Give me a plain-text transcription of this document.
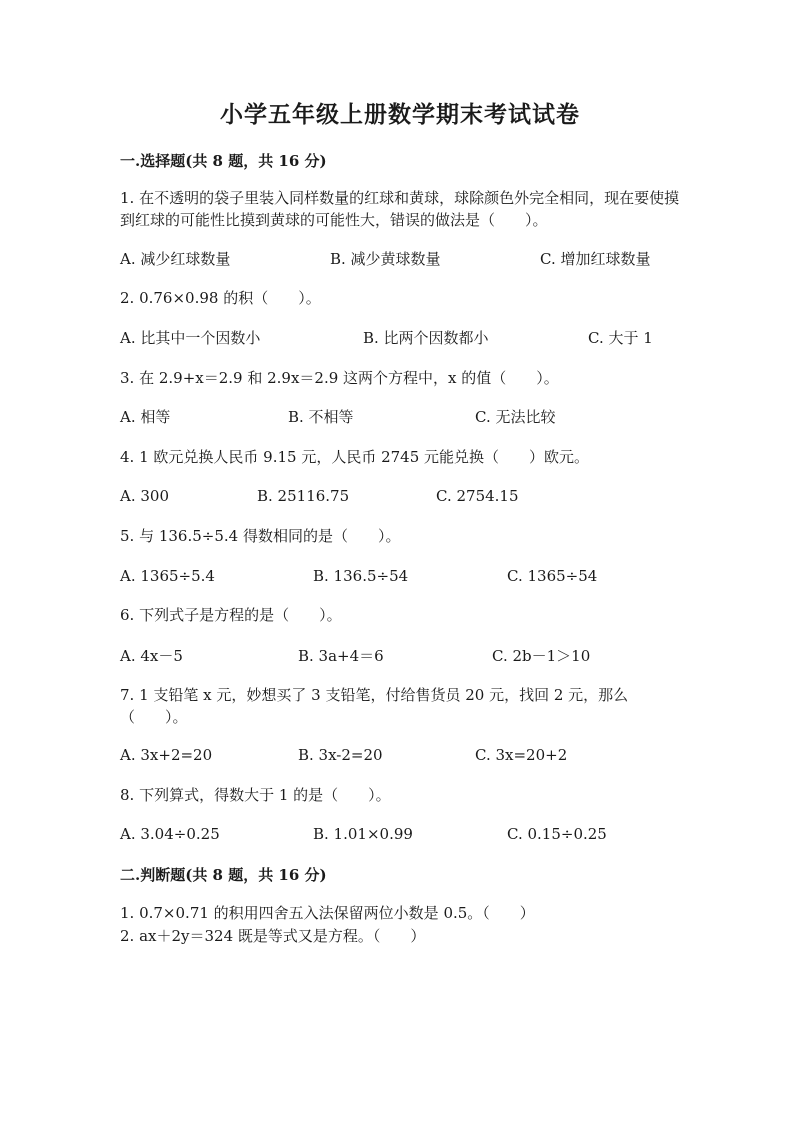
小学五年级上册数学期末考试试卷
一.选择题(共 8 题，共 16 分)
1. 在不透明的袋子里装入同样数量的红球和黄球，球除颜色外完全相同，现在要使摸到红球的可能性比摸到黄球的可能性大，错误的做法是（　　）。
A. 减少红球数量	B. 减少黄球数量	C. 增加红球数量
2. 0.76×0.98 的积（　　）。
A. 比其中一个因数小	B. 比两个因数都小	C. 大于 1
3. 在 2.9+x＝2.9 和 2.9x＝2.9 这两个方程中，x 的值（　　）。
A. 相等	B. 不相等	C. 无法比较
4. 1 欧元兑换人民币 9.15 元，人民币 2745 元能兑换（　　）欧元。
A. 300	B. 25116.75	C. 2754.15
5. 与 136.5÷5.4 得数相同的是（　　）。
A. 1365÷5.4	B. 136.5÷54	C. 1365÷54
6. 下列式子是方程的是（　　）。
A. 4x－5	B. 3a+4＝6	C. 2b－1＞10
7. 1 支铅笔 x 元，妙想买了 3 支铅笔，付给售货员 20 元，找回 2 元，那么（　　）。
A. 3x+2=20	B. 3x-2=20	C. 3x=20+2
8. 下列算式，得数大于 1 的是（　　）。
A. 3.04÷0.25	B. 1.01×0.99	C. 0.15÷0.25
二.判断题(共 8 题，共 16 分)
1. 0.7×0.71 的积用四舍五入法保留两位小数是 0.5。（　　）
2. ax＋2y＝324 既是等式又是方程。（　　）
